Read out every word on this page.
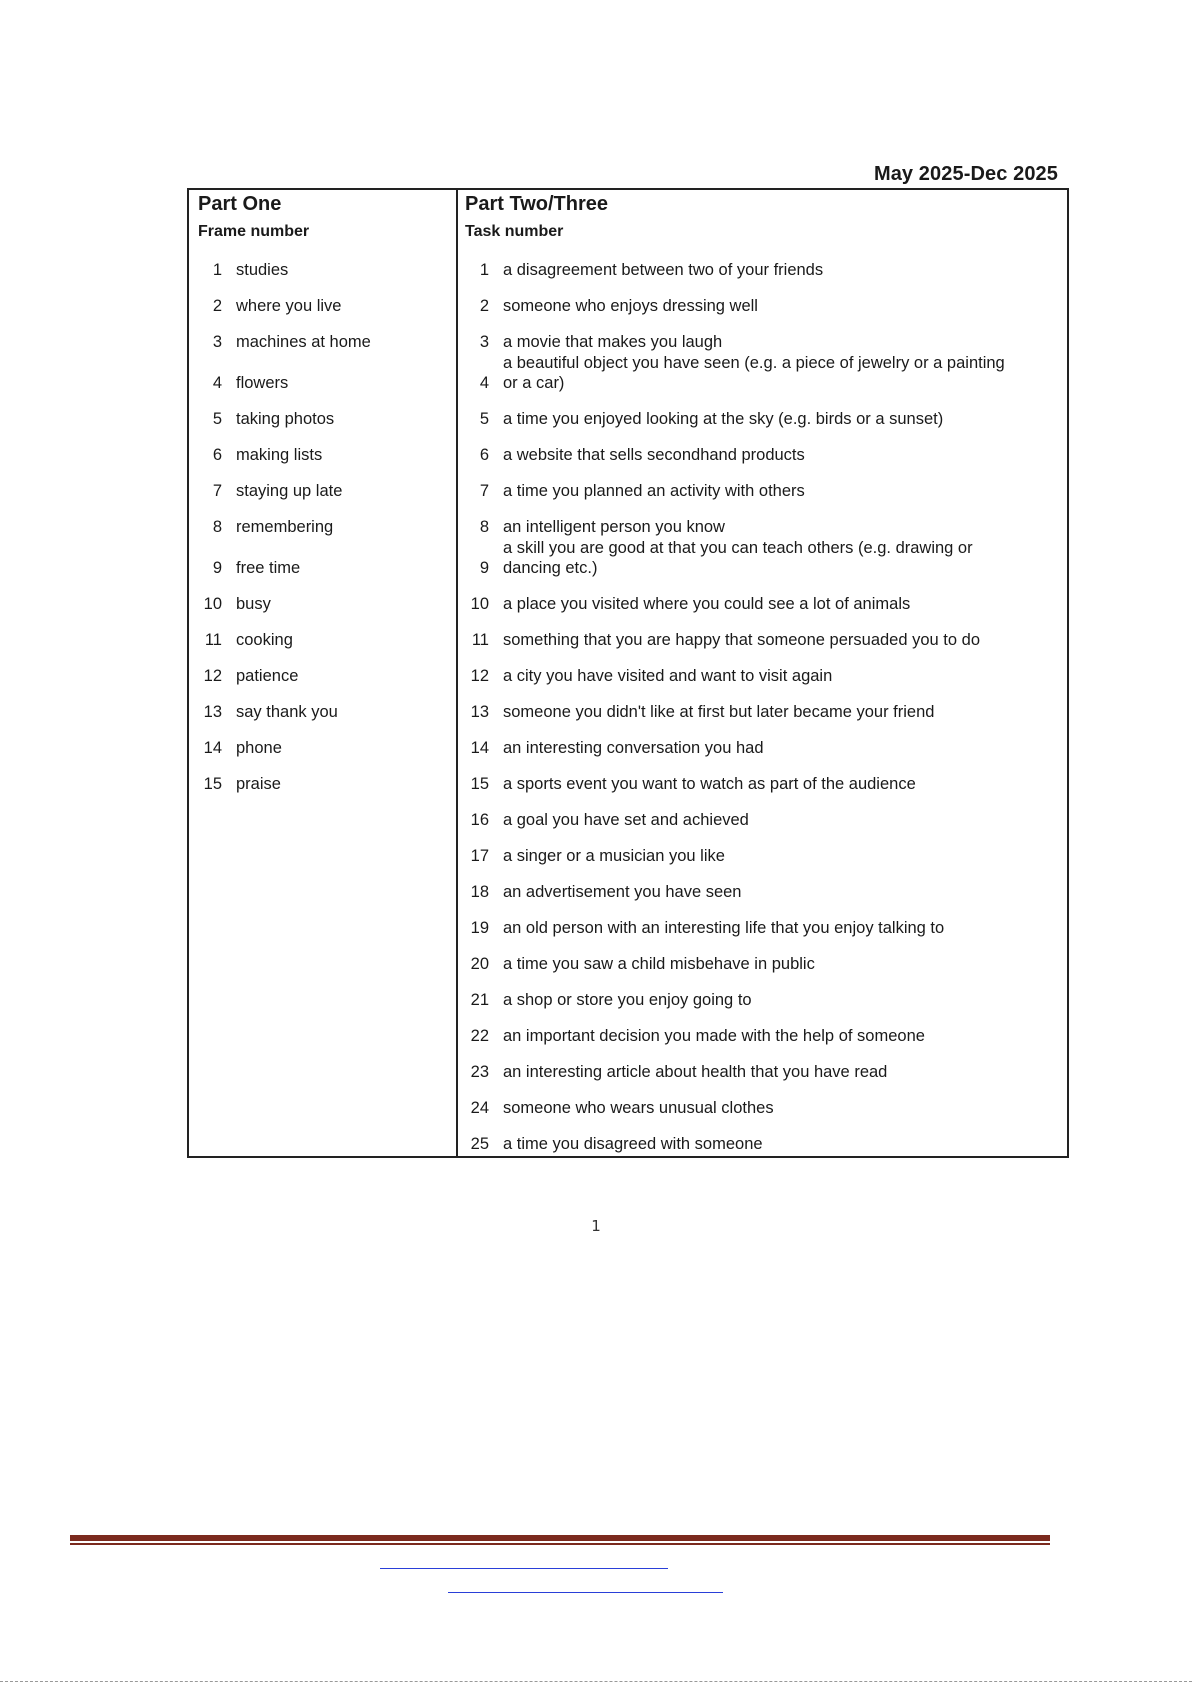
May 2025-Dec 2025
Part One
Frame number
1 studies
2 where you live
3 machines at home
4 flowers
5 taking photos
6 making lists
7 staying up late
8 remembering
9 free time
10 busy
11 cooking
12 patience
13 say thank you
14 phone
15 praise
Part Two/Three
Task number
1 a disagreement between two of your friends
2 someone who enjoys dressing well
3 a movie that makes you laugh
4
a beautiful object you have seen (e.g. a piece of jewelry or a painting
or a car)
5 a time you enjoyed looking at the sky (e.g. birds or a sunset)
6 a website that sells secondhand products
7 a time you planned an activity with others
8 an intelligent person you know
9
a skill you are good at that you can teach others (e.g. drawing or
dancing etc.)
10 a place you visited where you could see a lot of animals
11 something that you are happy that someone persuaded you to do
12 a city you have visited and want to visit again
13 someone you didn't like at first but later became your friend
14 an interesting conversation you had
15 a sports event you want to watch as part of the audience
16 a goal you have set and achieved
17 a singer or a musician you like
18 an advertisement you have seen
19 an old person with an interesting life that you enjoy talking to
20 a time you saw a child misbehave in public
21 a shop or store you enjoy going to
22 an important decision you made with the help of someone
23 an interesting article about health that you have read
24 someone who wears unusual clothes
25 a time you disagreed with someone
1
